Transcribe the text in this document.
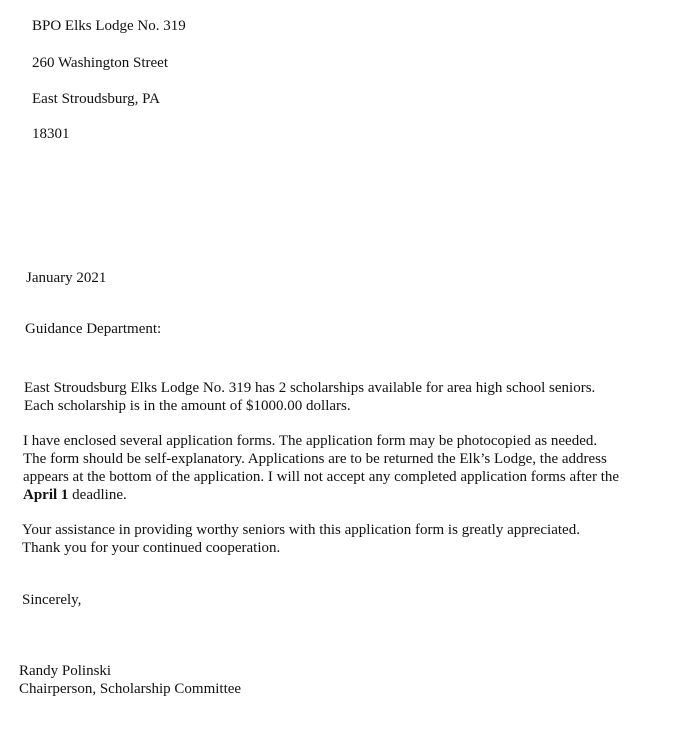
BPO Elks Lodge No. 319
260 Washington Street
East Stroudsburg, PA
18301
January 2021
Guidance Department:
East Stroudsburg Elks Lodge No. 319 has 2 scholarships available for area high school seniors.
Each scholarship is in the amount of $1000.00 dollars.
I have enclosed several application forms. The application form may be photocopied as needed.
The form should be self-explanatory. Applications are to be returned the Elk’s Lodge, the address
appears at the bottom of the application. I will not accept any completed application forms after the
April 1 deadline.
Your assistance in providing worthy seniors with this application form is greatly appreciated.
Thank you for your continued cooperation.
Sincerely,
Randy Polinski
Chairperson, Scholarship Committee
